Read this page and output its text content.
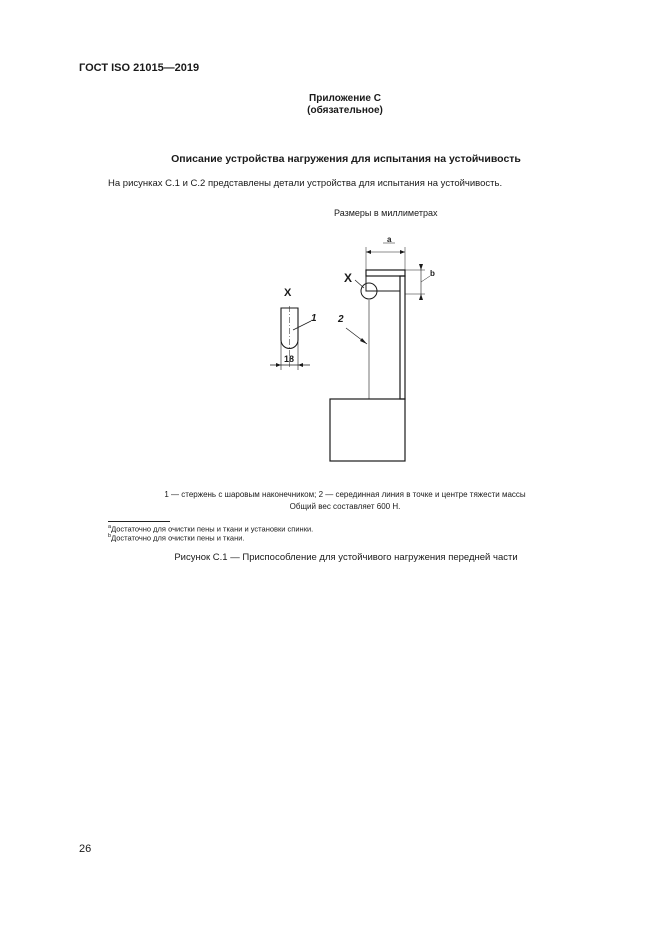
ГОСТ ISO 21015—2019
Приложение С
(обязательное)
Описание устройства нагружения для испытания на устойчивость
На рисунках С.1 и С.2 представлены детали устройства для испытания на устойчивость.
Размеры в миллиметрах
X
1
18
X
2
a
b
1 — стержень с шаровым наконечником; 2 — серединная линия в точке и центре тяжести массы
Общий вес составляет 600 Н.
$^a$Достаточно для очистки пены и ткани и установки спинки.
$^b$Достаточно для очистки пены и ткани.
Рисунок С.1 — Приспособление для устойчивого нагружения передней части
26
